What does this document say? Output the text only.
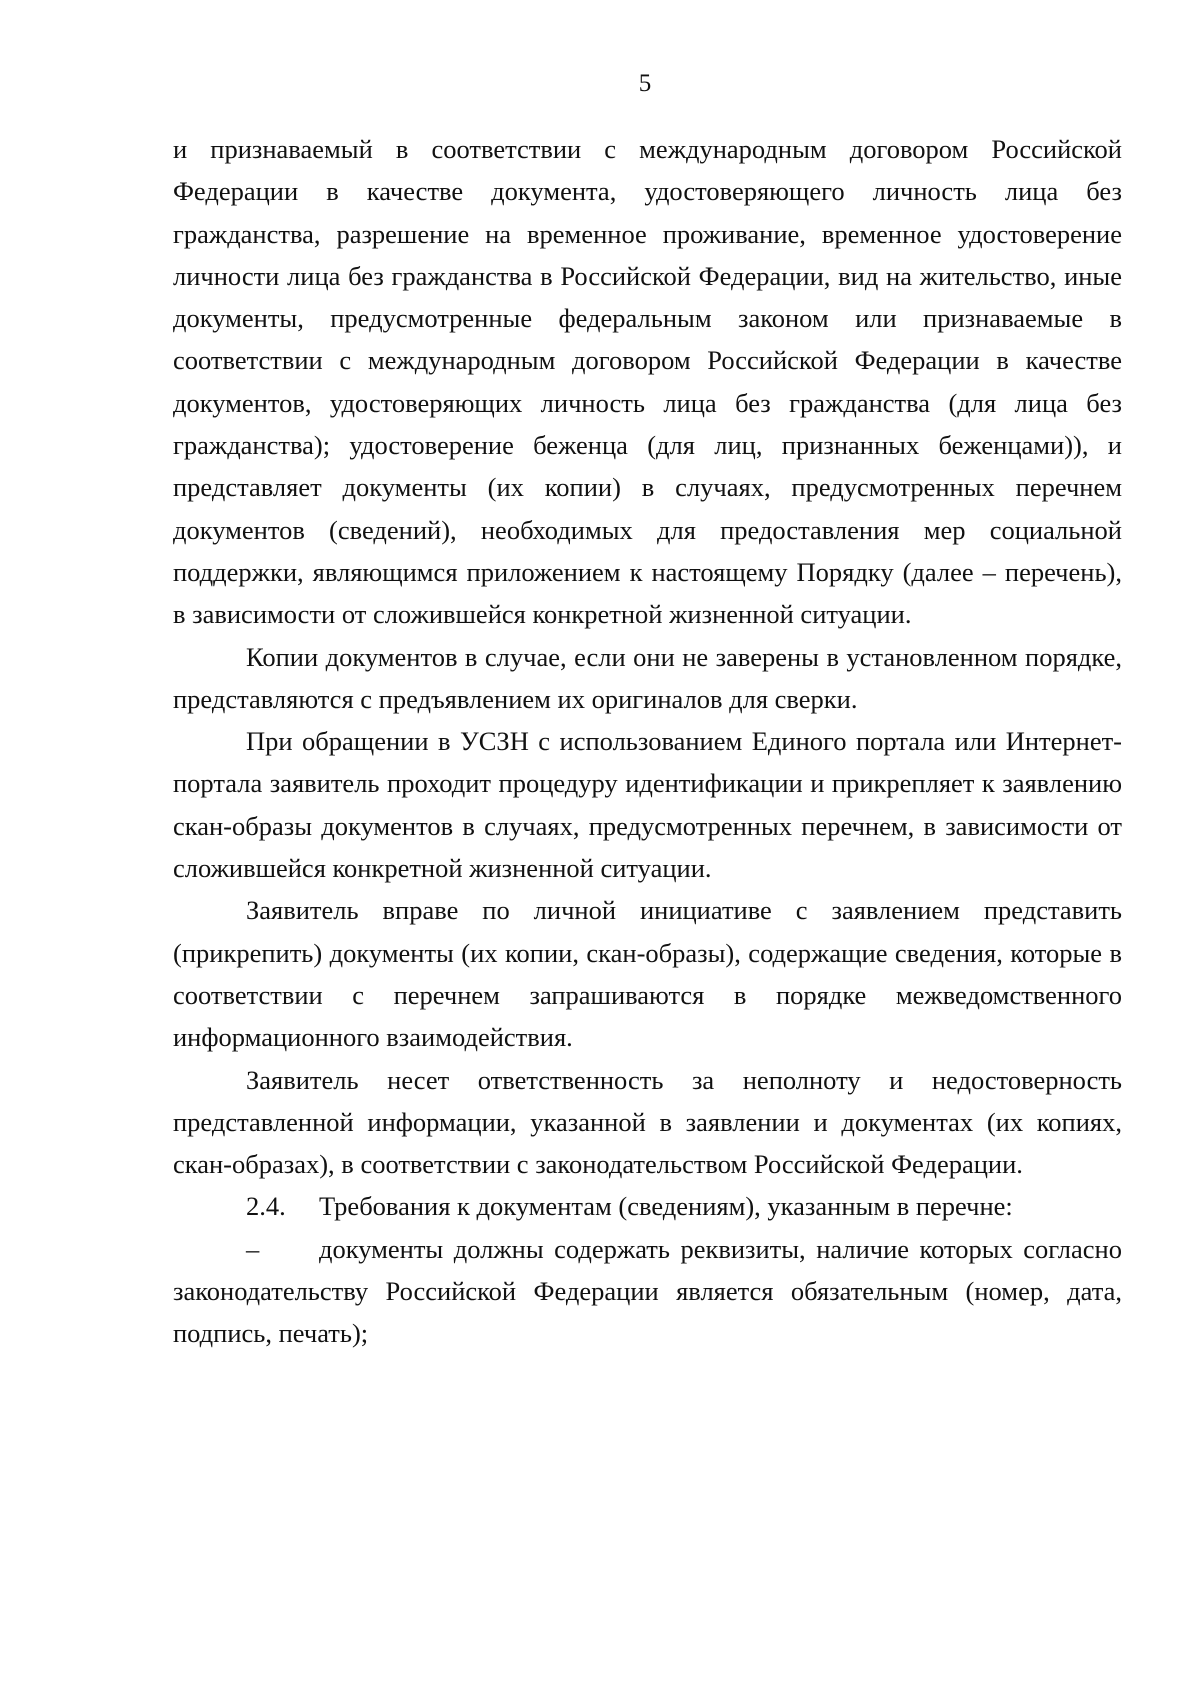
5

и признаваемый в соответствии с международным договором Российской Федерации в качестве документа, удостоверяющего личность лица без гражданства, разрешение на временное проживание, временное удостоверение личности лица без гражданства в Российской Федерации, вид на жительство, иные документы, предусмотренные федеральным законом или признаваемые в соответствии с международным договором Российской Федерации в качестве документов, удостоверяющих личность лица без гражданства (для лица без гражданства); удостоверение беженца (для лиц, признанных беженцами)), и представляет документы (их копии) в случаях, предусмотренных перечнем документов (сведений), необходимых для предоставления мер социальной поддержки, являющимся приложением к настоящему Порядку (далее – перечень), в зависимости от сложившейся конкретной жизненной ситуации.

Копии документов в случае, если они не заверены в установленном порядке, представляются с предъявлением их оригиналов для сверки.

При обращении в УСЗН с использованием Единого портала или Интернет-портала заявитель проходит процедуру идентификации и прикрепляет к заявлению скан-образы документов в случаях, предусмотренных перечнем, в зависимости от сложившейся конкретной жизненной ситуации.

Заявитель вправе по личной инициативе с заявлением представить (прикрепить) документы (их копии, скан-образы), содержащие сведения, которые в соответствии с перечнем запрашиваются в порядке межведомственного информационного взаимодействия.

Заявитель несет ответственность за неполноту и недостоверность представленной информации, указанной в заявлении и документах (их копиях, скан-образах), в соответствии с законодательством Российской Федерации.

2.4. Требования к документам (сведениям), указанным в перечне:

– документы должны содержать реквизиты, наличие которых согласно законодательству Российской Федерации является обязательным (номер, дата, подпись, печать);
